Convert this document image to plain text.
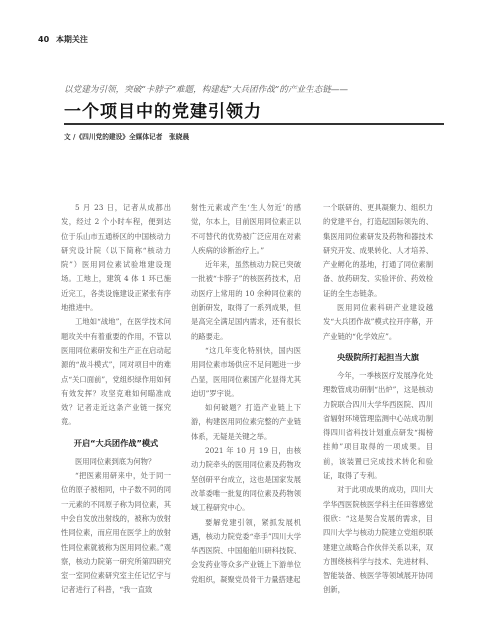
40 本期关注
以党建为引领，突破“卡脖子”难题，构建起“大兵团作战”的产业生态链——
一个项目中的党建引领力
文 /《四川党的建设》全媒体记者　张晓晨

5 月 23 日，记者从成都出发，经过 2 个小时车程，便到达位于乐山市五通桥区的中国核动力研究设计院（以下简称“核动力院”）医用同位素试验堆建设现场。工地上，建筑 4 体 1 环已施近完工，各类设施建设正紧张有序地推进中。

工地如“战地”，在医学技术问题攻关中有着重要的作用，不管以医用同位素研发和生产正在启动起源的“战斗模式”，同对项目中的难点“关口面前”，党组织绿作用如何有效发挥？攻坚克难如何瞄准成效？记者走近这条产业链一探究竟。

开启“大兵团作战”模式

医用同位素到底为何物？

“把医素用研来中，处于同一位的原子被相同，中子数不同的同一元素的不同原子称为同位素，其中会自发放出射线的，被称为放射性同位素，而应用在医学上的放射性同位素就被称为医用同位素。”观察，核动力院第一研究所第四研究室一室同位素研究室主任记忆宇与记者进行了科普，“我一直致

射性元素或产生‘生人勿近’的感觉，尔本上，目前医用同位素正以不可替代的优势被广泛应用在对素人疾病的诊断治疗上。”

近年来，虽然核动力院已突破一批被“卡脖子”的核医药技术，启动医疗上常用的 10 余种同位素的创新研发，取得了一系列成果，但是高完全满足国内需求，还有很长的路要走。

“这几年变化特别快，国内医用同位素市场供应不足问题进一步凸显，医用同位素国产化显得尤其迫切”罗宇说。

如何破题？打造产业链上下游，构建医用同位素完整的产业链体系，无疑是关键之举。

2021 年 10 月 19 日，由核动力院牵头的医用同位素及药物攻坚创研平台成立，这也是国家发展改革委唯一批复的同位素及药物领域工程研究中心。

要解党建引领，紧抓发展机遇，核动力院党委“牵手”四川大学华西医院、中国船舶川研科技院、会发药业等众多产业链上下游单位党组织，凝聚党员骨干力量搭建起

一个联研的、更具凝聚力、组织力的党建平台，打造起国际领先的、集医用同位素研发及药物和器技术研究开发、成果转化、人才培养、产业孵化的基地，打通了同位素制备、放药研发、实验评价、药效检证的全生态链条。

医用同位素科研产业建设越发“大兵团作战”模式拉开序幕，开产业链的“化学效应”。

央级院所打起担当大旗

今年，一季核医疗发展净化处理数管成功研制“出炉”，这是核动力院联合四川大学华西医院、四川省辐射环境管理监测中心站成功制得四川省科技计划重点研发“揭榜挂帅”项目取得的一项成果。目前，该装置已完成技术转化和验证，取得了专利。

对于此项成果的成功，四川大学华西医院核医学科主任田蓉感觉很欣：“这是契合发展的需求，目四川大学与核动力院建立党组织联建建立战略合作伙伴关系以来，双方围绕核科学与技术、先进材料、智能装备、核医学等领域展开协同创新，
